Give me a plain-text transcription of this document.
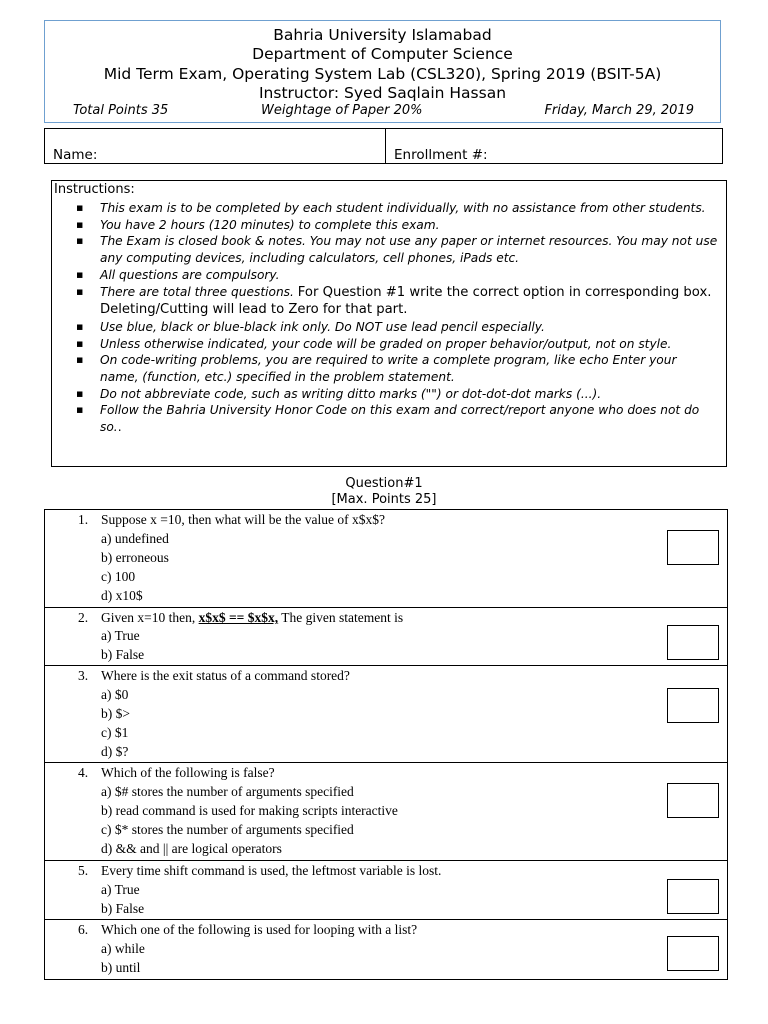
Bahria University Islamabad
Department of Computer Science
Mid Term Exam, Operating System Lab (CSL320), Spring 2019 (BSIT-5A)
Instructor: Syed Saqlain Hassan
Total Points 35	Weightage of Paper 20%	Friday, March 29, 2019
Name:	Enrollment #:
Instructions:
▪ This exam is to be completed by each student individually, with no assistance from other students.
▪ You have 2 hours (120 minutes) to complete this exam.
▪ The Exam is closed book & notes. You may not use any paper or internet resources. You may not use any computing devices, including calculators, cell phones, iPads etc.
▪ All questions are compulsory.
▪ There are total three questions. For Question #1 write the correct option in corresponding box. Deleting/Cutting will lead to Zero for that part.
▪ Use blue, black or blue-black ink only. Do NOT use lead pencil especially.
▪ Unless otherwise indicated, your code will be graded on proper behavior/output, not on style.
▪ On code-writing problems, you are required to write a complete program, like echo Enter your name, (function, etc.) specified in the problem statement.
▪ Do not abbreviate code, such as writing ditto marks ("") or dot-dot-dot marks (...).
▪ Follow the Bahria University Honor Code on this exam and correct/report anyone who does not do so..
Question#1
[Max. Points 25]
1. Suppose x =10, then what will be the value of x$x$?
a) undefined
b) erroneous
c) 100
d) x10$
2. Given x=10 then, x$x$ == $x$x, The given statement is
a) True
b) False
3. Where is the exit status of a command stored?
a) $0
b) $>
c) $1
d) $?
4. Which of the following is false?
a) $# stores the number of arguments specified
b) read command is used for making scripts interactive
c) $* stores the number of arguments specified
d) && and || are logical operators
5. Every time shift command is used, the leftmost variable is lost.
a) True
b) False
6. Which one of the following is used for looping with a list?
a) while
b) until
